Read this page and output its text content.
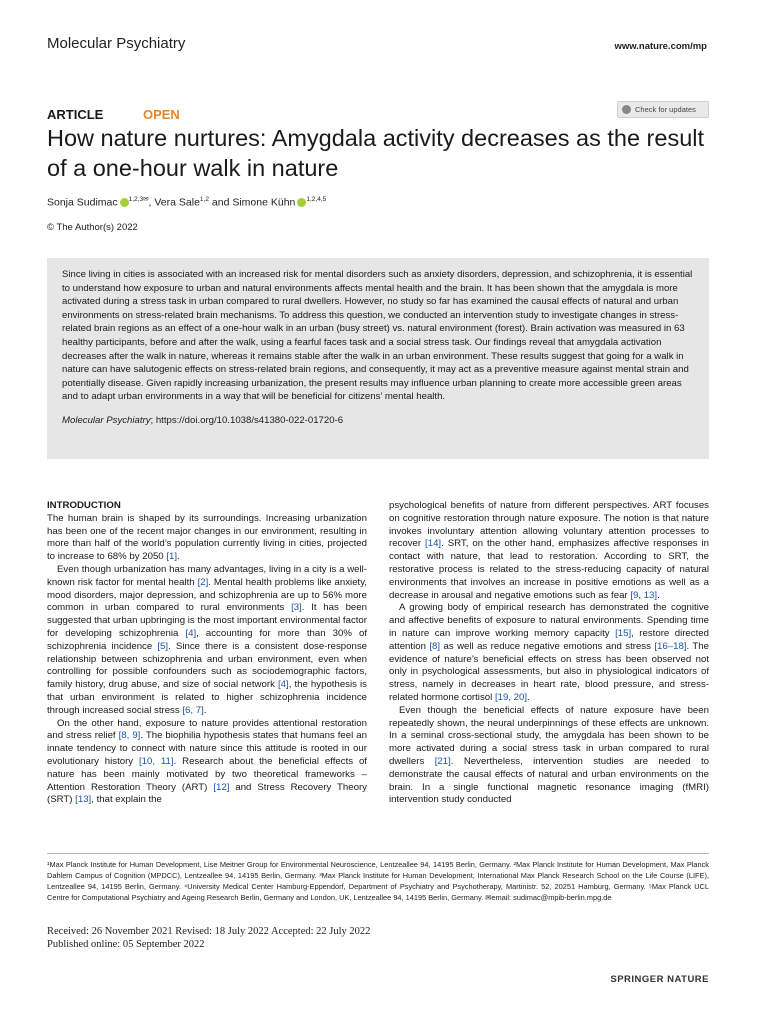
Molecular Psychiatry	www.nature.com/mp
ARTICLE	OPEN	Check for updates
How nature nurtures: Amygdala activity decreases as the result of a one-hour walk in nature
Sonja Sudimac $^{1,2,3✉}$, Vera Sale$^{1,2}$ and Simone Kühn $^{1,2,4,5}$
© The Author(s) 2022

Since living in cities is associated with an increased risk for mental disorders such as anxiety disorders, depression, and schizophrenia, it is essential to understand how exposure to urban and natural environments affects mental health and the brain. It has been shown that the amygdala is more activated during a stress task in urban compared to rural dwellers. However, no study so far has examined the causal effects of natural and urban environments on stress-related brain mechanisms. To address this question, we conducted an intervention study to investigate changes in stress-related brain regions as an effect of a one-hour walk in an urban (busy street) vs. natural environment (forest). Brain activation was measured in 63 healthy participants, before and after the walk, using a fearful faces task and a social stress task. Our findings reveal that amygdala activation decreases after the walk in nature, whereas it remains stable after the walk in an urban environment. These results suggest that going for a walk in nature can have salutogenic effects on stress-related brain regions, and consequently, it may act as a preventive measure against mental strain and potentially disease. Given rapidly increasing urbanization, the present results may influence urban planning to create more accessible green areas and to adapt urban environments in a way that will be beneficial for citizens’ mental health.

Molecular Psychiatry; https://doi.org/10.1038/s41380-022-01720-6

INTRODUCTION

The human brain is shaped by its surroundings. Increasing urbanization has been one of the recent major changes in our environment, resulting in more than half of the world’s population currently living in cities, projected to increase to 68% by 2050 [1].

Even though urbanization has many advantages, living in a city is a well-known risk factor for mental health [2]. Mental health problems like anxiety, mood disorders, major depression, and schizophrenia are up to 56% more common in urban compared to rural environments [3]. It has been suggested that urban upbringing is the most important environmental factor for developing schizophrenia [4], accounting for more than 30% of schizophrenia incidence [5]. Since there is a consistent dose-response relationship between schizophrenia and urban environment, even when controlling for possible confounders such as sociodemographic factors, family history, drug abuse, and size of social network [4], the hypothesis is that urban environment is related to higher schizophrenia incidence through increased social stress [6, 7].

On the other hand, exposure to nature provides attentional restoration and stress relief [8, 9]. The biophilia hypothesis states that humans feel an innate tendency to connect with nature since this attitude is rooted in our evolutionary history [10, 11]. Research about the beneficial effects of nature has been mainly motivated by two theoretical frameworks – Attention Restoration Theory (ART) [12] and Stress Recovery Theory (SRT) [13], that explain the

psychological benefits of nature from different perspectives. ART focuses on cognitive restoration through nature exposure. The notion is that nature invokes involuntary attention allowing voluntary attention processes to recover [14]. SRT, on the other hand, emphasizes affective responses in contact with nature, that lead to restoration. According to SRT, the restorative process is related to the stress-reducing capacity of natural environments that involves an increase in positive emotions as well as a decrease in arousal and negative emotions such as fear [9, 13].

A growing body of empirical research has demonstrated the cognitive and affective benefits of exposure to natural environments. Spending time in nature can improve working memory capacity [15], restore directed attention [8] as well as reduce negative emotions and stress [16–18]. The evidence of nature’s beneficial effects on stress has been observed not only in psychological assessments, but also in physiological indicators of stress, namely in decreases in heart rate, blood pressure, and stress-related hormone cortisol [19, 20].

Even though the beneficial effects of nature exposure have been repeatedly shown, the neural underpinnings of these effects are unknown. In a seminal cross-sectional study, the amygdala has been shown to be more activated during a social stress task in urban compared to rural dwellers [21]. Nevertheless, intervention studies are needed to demonstrate the causal effects of natural and urban environments on the brain. In a single functional magnetic resonance imaging (fMRI) intervention study conducted

¹Max Planck Institute for Human Development, Lise Meitner Group for Environmental Neuroscience, Lentzeallee 94, 14195 Berlin, Germany. ²Max Planck Institute for Human Development, Max Planck Dahlem Campus of Cognition (MPDCC), Lentzeallee 94, 14195 Berlin, Germany. ³Max Planck Institute for Human Development, International Max Planck Research School on the Life Course (LIFE), Lentzeallee 94, 14195 Berlin, Germany. ⁴University Medical Center Hamburg-Eppendorf, Department of Psychiatry and Psychotherapy, Martinistr. 52, 20251 Hamburg, Germany. ⁵Max Planck UCL Centre for Computational Psychiatry and Ageing Research Berlin, Germany and London, UK, Lentzeallee 94, 14195 Berlin, Germany. ✉email: sudimac@mpib-berlin.mpg.de
Received: 26 November 2021 Revised: 18 July 2022 Accepted: 22 July 2022
Published online: 05 September 2022
SPRINGER NATURE
